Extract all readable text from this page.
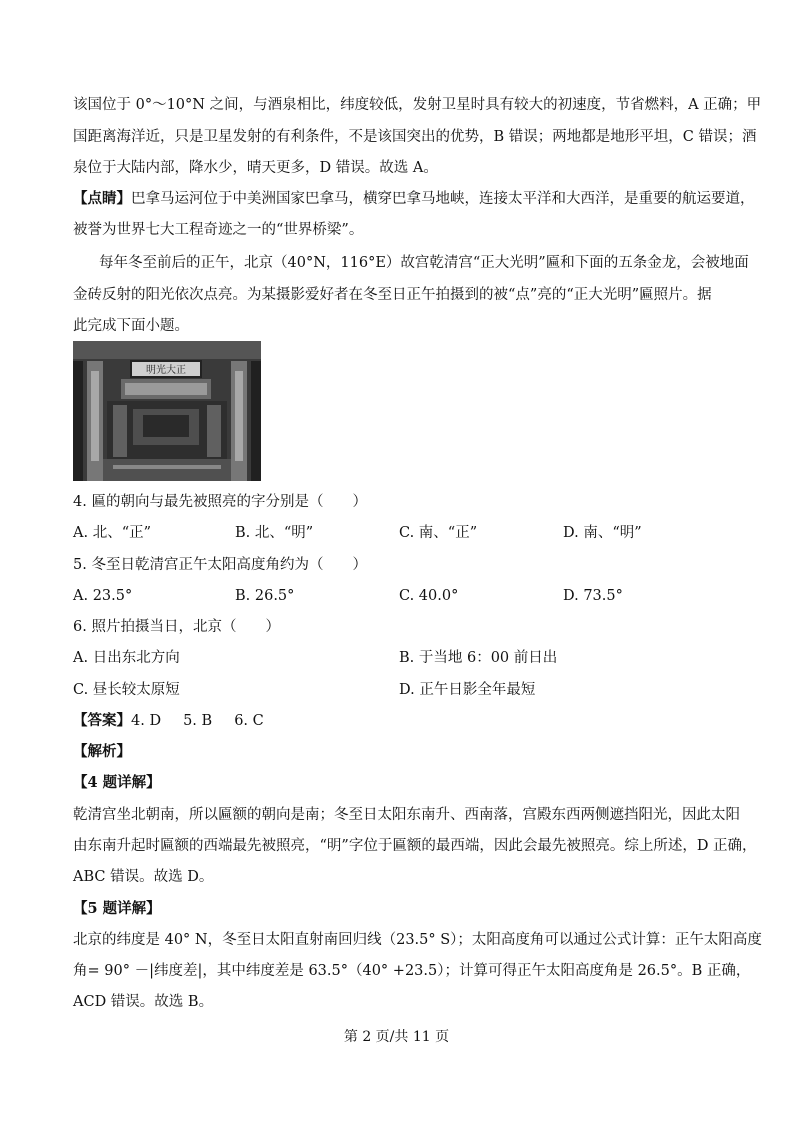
该国位于 0°～10°N 之间，与酒泉相比，纬度较低，发射卫星时具有较大的初速度，节省燃料，A 正确；甲
国距离海洋近，只是卫星发射的有利条件，不是该国突出的优势，B 错误；两地都是地形平坦，C 错误；酒
泉位于大陆内部，降水少，晴天更多，D 错误。故选 A。
【点睛】巴拿马运河位于中美洲国家巴拿马，横穿巴拿马地峡，连接太平洋和大西洋，是重要的航运要道，
被誉为世界七大工程奇迹之一的“世界桥梁”。
每年冬至前后的正午，北京（40°N，116°E）故宫乾清宫“正大光明”匾和下面的五条金龙，会被地面
金砖反射的阳光依次点亮。为某摄影爱好者在冬至日正午拍摄到的被“点”亮的“正大光明”匾照片。据
此完成下面小题。
明光大正
4. 匾的朝向与最先被照亮的字分别是（　　）
A. 北、“正”	B. 北、“明”	C. 南、“正”	D. 南、“明”
5. 冬至日乾清宫正午太阳高度角约为（　　）
A. 23.5°	B. 26.5°	C. 40.0°	D. 73.5°
6. 照片拍摄当日，北京（　　）
A. 日出东北方向	B. 于当地 6：00 前日出
C. 昼长较太原短	D. 正午日影全年最短
【答案】4. D 5. B 6. C
【解析】
【4 题详解】
乾清宫坐北朝南，所以匾额的朝向是南；冬至日太阳东南升、西南落，宫殿东西两侧遮挡阳光，因此太阳
由东南升起时匾额的西端最先被照亮，“明”字位于匾额的最西端，因此会最先被照亮。综上所述，D 正确，
ABC 错误。故选 D。
【5 题详解】
北京的纬度是 40° N，冬至日太阳直射南回归线（23.5° S）；太阳高度角可以通过公式计算：正午太阳高度
角= 90° －|纬度差|，其中纬度差是 63.5°（40° +23.5）；计算可得正午太阳高度角是 26.5°。B 正确，
ACD 错误。故选 B。
第 2 页/共 11 页
